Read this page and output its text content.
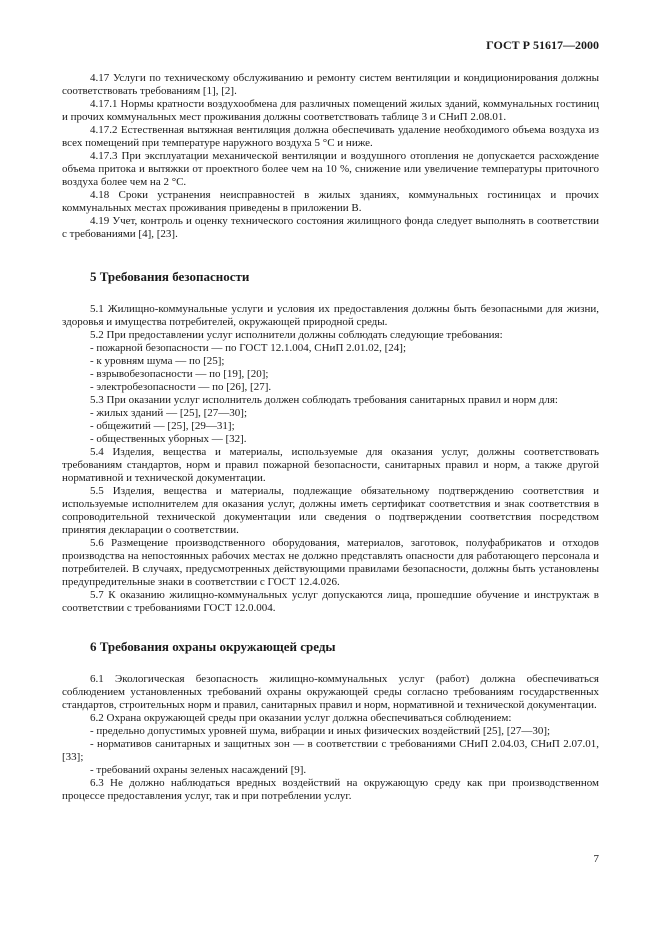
ГОСТ Р 51617—2000

4.17 Услуги по техническому обслуживанию и ремонту систем вентиляции и кондиционирования должны соответствовать требованиям [1], [2].

4.17.1 Нормы кратности воздухообмена для различных помещений жилых зданий, коммунальных гостиниц и прочих коммунальных мест проживания должны соответствовать таблице 3 и СНиП 2.08.01.

4.17.2 Естественная вытяжная вентиляция должна обеспечивать удаление необходимого объема воздуха из всех помещений при температуре наружного воздуха 5 °С и ниже.

4.17.3 При эксплуатации механической вентиляции и воздушного отопления не допускается расхождение объема притока и вытяжки от проектного более чем на 10 %, снижение или увеличение температуры приточного воздуха более чем на 2 °С.

4.18 Сроки устранения неисправностей в жилых зданиях, коммунальных гостиницах и прочих коммунальных местах проживания приведены в приложении В.

4.19 Учет, контроль и оценку технического состояния жилищного фонда следует выполнять в соответствии с требованиями [4], [23].

5 Требования безопасности

5.1 Жилищно-коммунальные услуги и условия их предоставления должны быть безопасными для жизни, здоровья и имущества потребителей, окружающей природной среды.

5.2 При предоставлении услуг исполнители должны соблюдать следующие требования:

- пожарной безопасности — по ГОСТ 12.1.004, СНиП 2.01.02, [24];

- к уровням шума — по [25];

- взрывобезопасности — по [19], [20];

- электробезопасности — по [26], [27].

5.3 При оказании услуг исполнитель должен соблюдать требования санитарных правил и норм для:

- жилых зданий — [25], [27—30];

- общежитий — [25], [29—31];

- общественных уборных — [32].

5.4 Изделия, вещества и материалы, используемые для оказания услуг, должны соответствовать требованиям стандартов, норм и правил пожарной безопасности, санитарных правил и норм, а также другой нормативной и технической документации.

5.5 Изделия, вещества и материалы, подлежащие обязательному подтверждению соответствия и используемые исполнителем для оказания услуг, должны иметь сертификат соответствия и знак соответствия в сопроводительной технической документации или сведения о подтверждении соответствия посредством принятия декларации о соответствии.

5.6 Размещение производственного оборудования, материалов, заготовок, полуфабрикатов и отходов производства на непостоянных рабочих местах не должно представлять опасности для работающего персонала и потребителей. В случаях, предусмотренных действующими правилами безопасности, должны быть установлены предупредительные знаки в соответствии с ГОСТ 12.4.026.

5.7 К оказанию жилищно-коммунальных услуг допускаются лица, прошедшие обучение и инструктаж в соответствии с требованиями ГОСТ 12.0.004.

6 Требования охраны окружающей среды

6.1 Экологическая безопасность жилищно-коммунальных услуг (работ) должна обеспечиваться соблюдением установленных требований охраны окружающей среды согласно требованиям государственных стандартов, строительных норм и правил, санитарных правил и норм, нормативной и технической документации.

6.2 Охрана окружающей среды при оказании услуг должна обеспечиваться соблюдением:

- предельно допустимых уровней шума, вибрации и иных физических воздействий [25], [27—30];

- нормативов санитарных и защитных зон — в соответствии с требованиями СНиП 2.04.03, СНиП 2.07.01, [33];

- требований охраны зеленых насаждений [9].

6.3 Не должно наблюдаться вредных воздействий на окружающую среду как при производственном процессе предоставления услуг, так и при потреблении услуг.

7
